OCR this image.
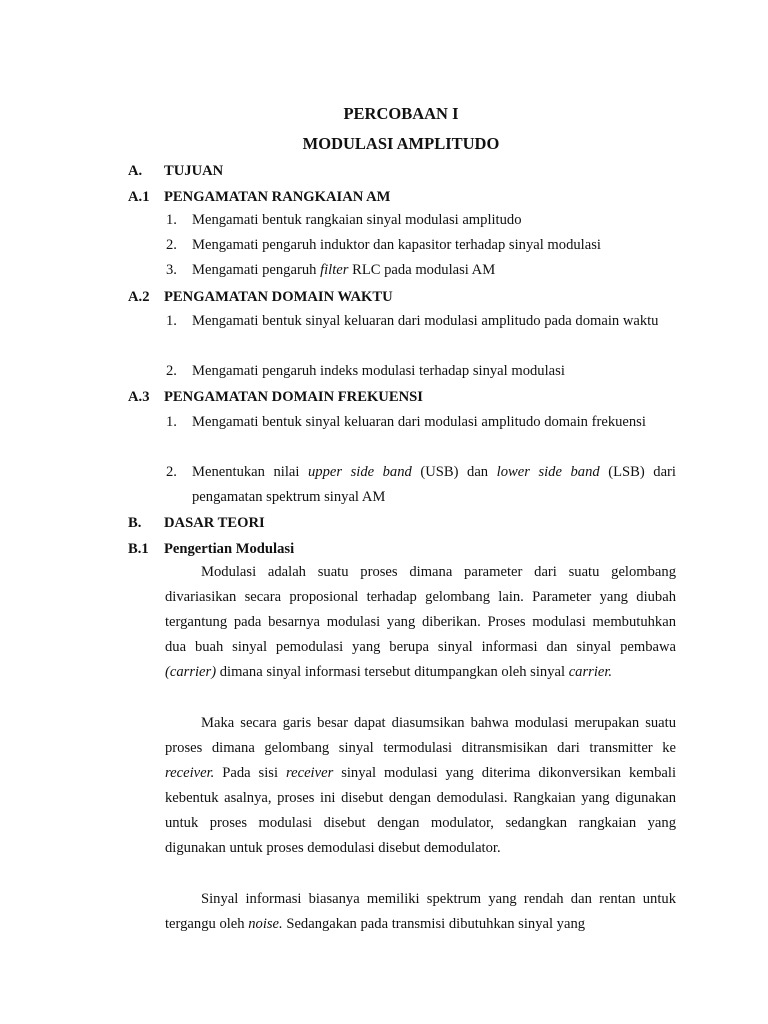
PERCOBAAN I
MODULASI AMPLITUDO
A. TUJUAN
A.1 PENGAMATAN RANGKAIAN AM
1. Mengamati bentuk rangkaian sinyal modulasi amplitudo
2. Mengamati pengaruh induktor dan kapasitor terhadap sinyal modulasi
3. Mengamati pengaruh filter RLC pada modulasi AM
A.2 PENGAMATAN DOMAIN WAKTU
1. Mengamati bentuk sinyal keluaran dari modulasi amplitudo pada domain waktu
2. Mengamati pengaruh indeks modulasi terhadap sinyal modulasi
A.3 PENGAMATAN DOMAIN FREKUENSI
1. Mengamati bentuk sinyal keluaran dari modulasi amplitudo domain frekuensi
2. Menentukan nilai upper side band (USB) dan lower side band (LSB) dari pengamatan spektrum sinyal AM
B. DASAR TEORI
B.1 Pengertian Modulasi

Modulasi adalah suatu proses dimana parameter dari suatu gelombang divariasikan secara proposional terhadap gelombang lain. Parameter yang diubah tergantung pada besarnya modulasi yang diberikan. Proses modulasi membutuhkan dua buah sinyal pemodulasi yang berupa sinyal informasi dan sinyal pembawa (carrier) dimana sinyal informasi tersebut ditumpangkan oleh sinyal carrier.

Maka secara garis besar dapat diasumsikan bahwa modulasi merupakan suatu proses dimana gelombang sinyal termodulasi ditransmisikan dari transmitter ke receiver. Pada sisi receiver sinyal modulasi yang diterima dikonversikan kembali kebentuk asalnya, proses ini disebut dengan demodulasi. Rangkaian yang digunakan untuk proses modulasi disebut dengan modulator, sedangkan rangkaian yang digunakan untuk proses demodulasi disebut demodulator.

Sinyal informasi biasanya memiliki spektrum yang rendah dan rentan untuk tergangu oleh noise. Sedangakan pada transmisi dibutuhkan sinyal yang
